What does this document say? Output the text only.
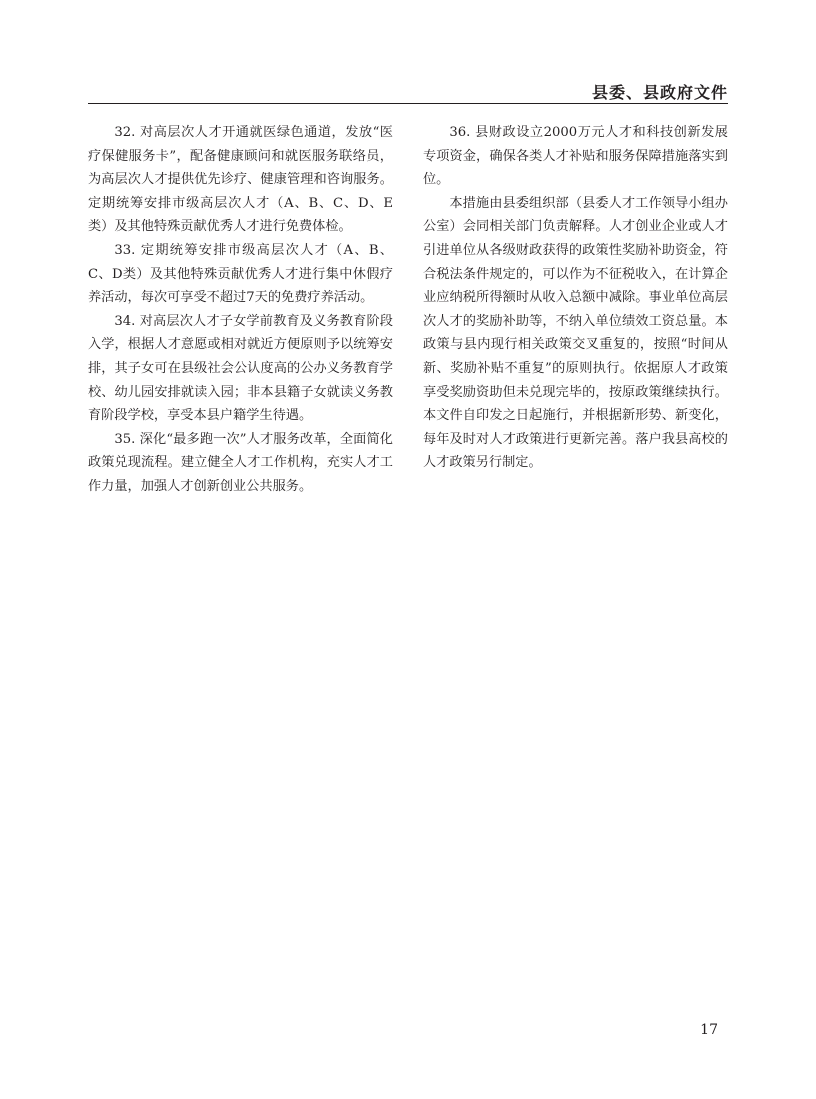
县委、县政府文件

32. 对高层次人才开通就医绿色通道，发放“医疗保健服务卡”，配备健康顾问和就医服务联络员，为高层次人才提供优先诊疗、健康管理和咨询服务。定期统筹安排市级高层次人才（A、B、C、D、E类）及其他特殊贡献优秀人才进行免费体检。

33. 定期统筹安排市级高层次人才（A、B、C、D类）及其他特殊贡献优秀人才进行集中休假疗养活动，每次可享受不超过7天的免费疗养活动。

34. 对高层次人才子女学前教育及义务教育阶段入学，根据人才意愿或相对就近方便原则予以统筹安排，其子女可在县级社会公认度高的公办义务教育学校、幼儿园安排就读入园；非本县籍子女就读义务教育阶段学校，享受本县户籍学生待遇。

35. 深化“最多跑一次”人才服务改革，全面简化政策兑现流程。建立健全人才工作机构，充实人才工作力量，加强人才创新创业公共服务。

36. 县财政设立2000万元人才和科技创新发展专项资金，确保各类人才补贴和服务保障措施落实到位。

本措施由县委组织部（县委人才工作领导小组办公室）会同相关部门负责解释。人才创业企业或人才引进单位从各级财政获得的政策性奖励补助资金，符合税法条件规定的，可以作为不征税收入，在计算企业应纳税所得额时从收入总额中减除。事业单位高层次人才的奖励补助等，不纳入单位绩效工资总量。本政策与县内现行相关政策交叉重复的，按照“时间从新、奖励补贴不重复”的原则执行。依据原人才政策享受奖励资助但未兑现完毕的，按原政策继续执行。本文件自印发之日起施行，并根据新形势、新变化，每年及时对人才政策进行更新完善。落户我县高校的人才政策另行制定。

17
